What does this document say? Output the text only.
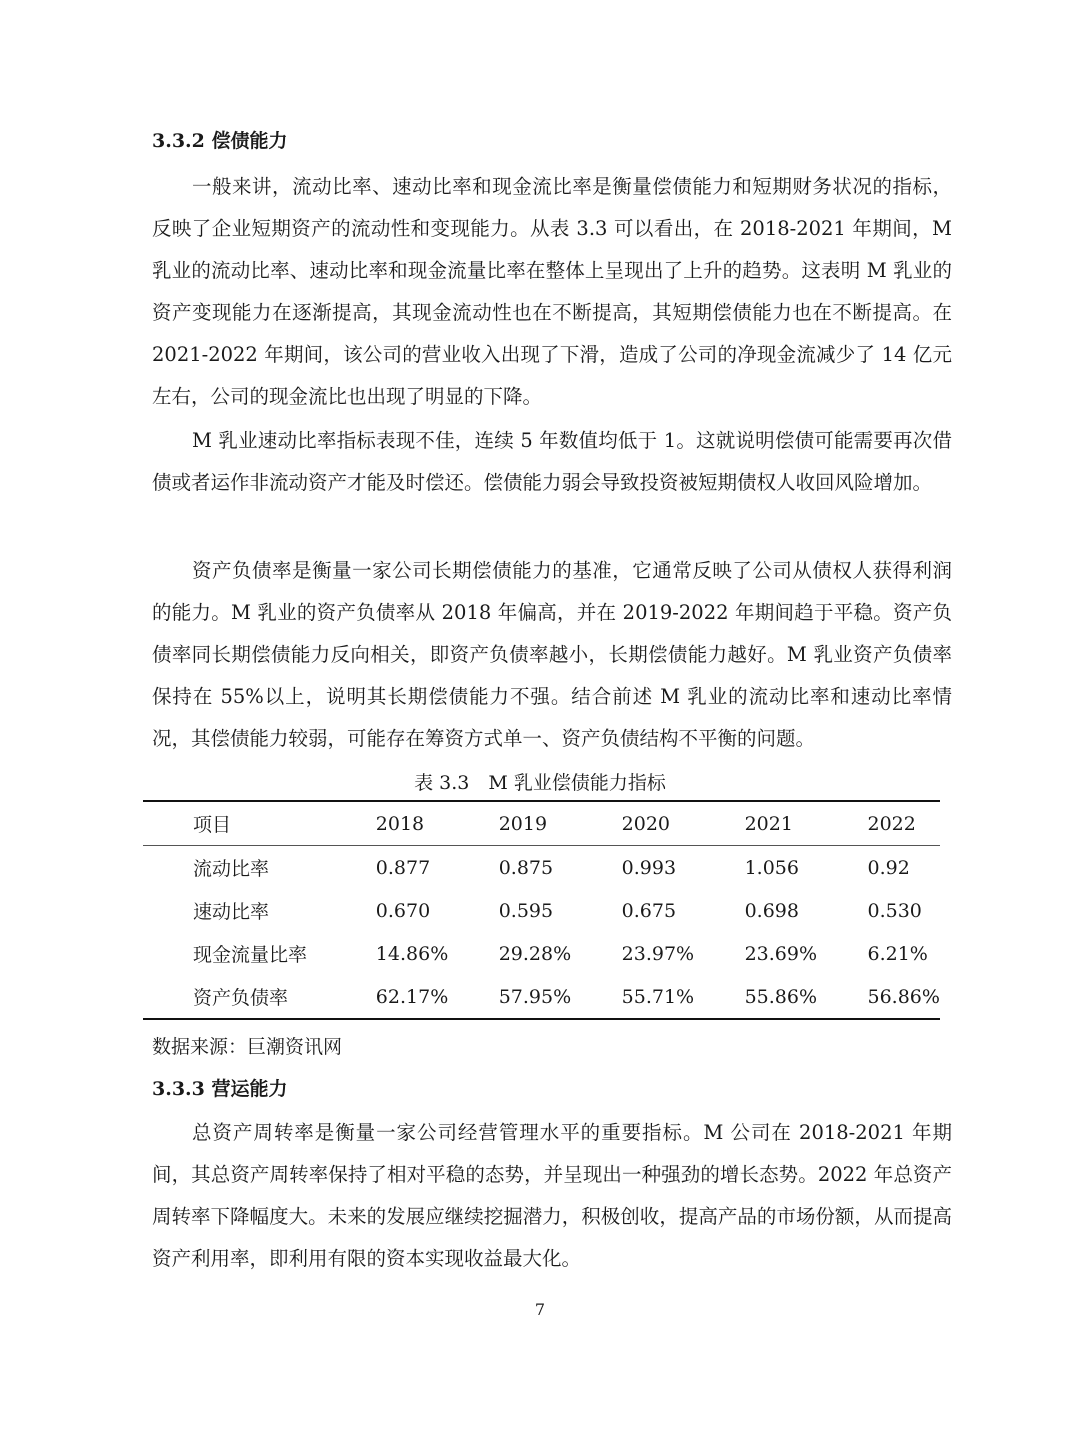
3.3.2 偿债能力

一般来讲，流动比率、速动比率和现金流比率是衡量偿债能力和短期财务状况的指标，反映了企业短期资产的流动性和变现能力。从表 3.3 可以看出，在 2018-2021 年期间，M 乳业的流动比率、速动比率和现金流量比率在整体上呈现出了上升的趋势。这表明 M 乳业的资产变现能力在逐渐提高，其现金流动性也在不断提高，其短期偿债能力也在不断提高。在 2021-2022 年期间，该公司的营业收入出现了下滑，造成了公司的净现金流减少了 14 亿元左右，公司的现金流比也出现了明显的下降。

M 乳业速动比率指标表现不佳，连续 5 年数值均低于 1。这就说明偿债可能需要再次借债或者运作非流动资产才能及时偿还。偿债能力弱会导致投资被短期债权人收回风险增加。

资产负债率是衡量一家公司长期偿债能力的基准，它通常反映了公司从债权人获得利润的能力。M 乳业的资产负债率从 2018 年偏高，并在 2019-2022 年期间趋于平稳。资产负债率同长期偿债能力反向相关，即资产负债率越小，长期偿债能力越好。M 乳业资产负债率保持在 55%以上，说明其长期偿债能力不强。结合前述 M 乳业的流动比率和速动比率情况，其偿债能力较弱，可能存在筹资方式单一、资产负债结构不平衡的问题。

表 3.3　M 乳业偿债能力指标

项目	2018	2019	2020	2021	2022
流动比率	0.877	0.875	0.993	1.056	0.92
速动比率	0.670	0.595	0.675	0.698	0.530
现金流量比率	14.86%	29.28%	23.97%	23.69%	6.21%
资产负债率	62.17%	57.95%	55.71%	55.86%	56.86%

数据来源：巨潮资讯网

3.3.3 营运能力

总资产周转率是衡量一家公司经营管理水平的重要指标。M 公司在 2018-2021 年期间，其总资产周转率保持了相对平稳的态势，并呈现出一种强劲的增长态势。2022 年总资产周转率下降幅度大。未来的发展应继续挖掘潜力，积极创收，提高产品的市场份额，从而提高资产利用率，即利用有限的资本实现收益最大化。

7
